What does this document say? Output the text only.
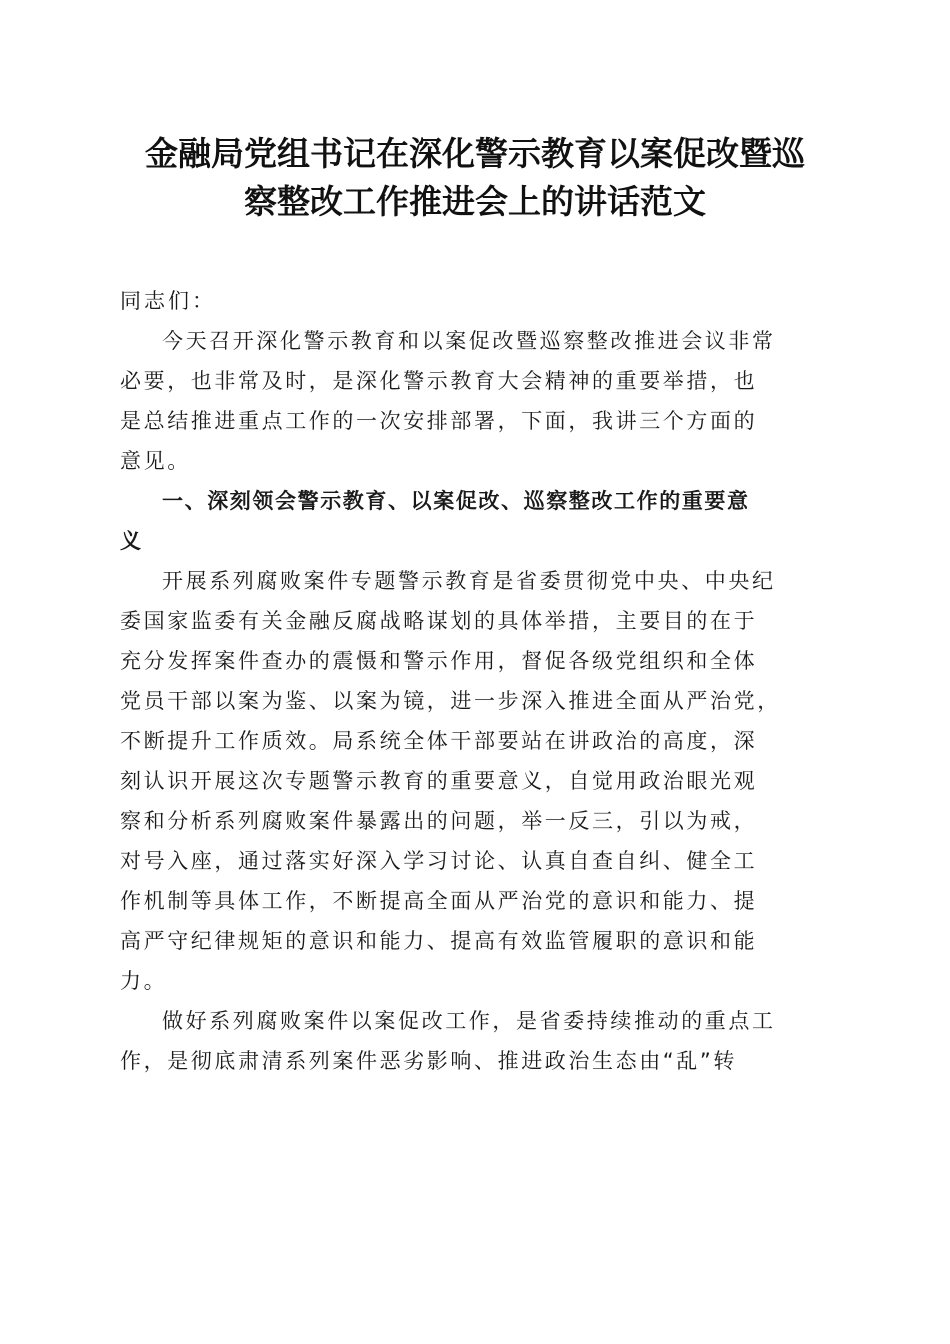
金融局党组书记在深化警示教育以案促改暨巡
察整改工作推进会上的讲话范文

同志们：

今天召开深化警示教育和以案促改暨巡察整改推进会议非常
必要，也非常及时，是深化警示教育大会精神的重要举措，也
是总结推进重点工作的一次安排部署，下面，我讲三个方面的
意见。
一、深刻领会警示教育、以案促改、巡察整改工作的重要意
义
开展系列腐败案件专题警示教育是省委贯彻党中央、中央纪
委国家监委有关金融反腐战略谋划的具体举措，主要目的在于
充分发挥案件查办的震慑和警示作用，督促各级党组织和全体
党员干部以案为鉴、以案为镜，进一步深入推进全面从严治党，
不断提升工作质效。局系统全体干部要站在讲政治的高度，深
刻认识开展这次专题警示教育的重要意义，自觉用政治眼光观
察和分析系列腐败案件暴露出的问题，举一反三，引以为戒，
对号入座，通过落实好深入学习讨论、认真自查自纠、健全工
作机制等具体工作，不断提高全面从严治党的意识和能力、提
高严守纪律规矩的意识和能力、提高有效监管履职的意识和能
力。
做好系列腐败案件以案促改工作，是省委持续推动的重点工
作，是彻底肃清系列案件恶劣影响、推进政治生态由“乱”转
